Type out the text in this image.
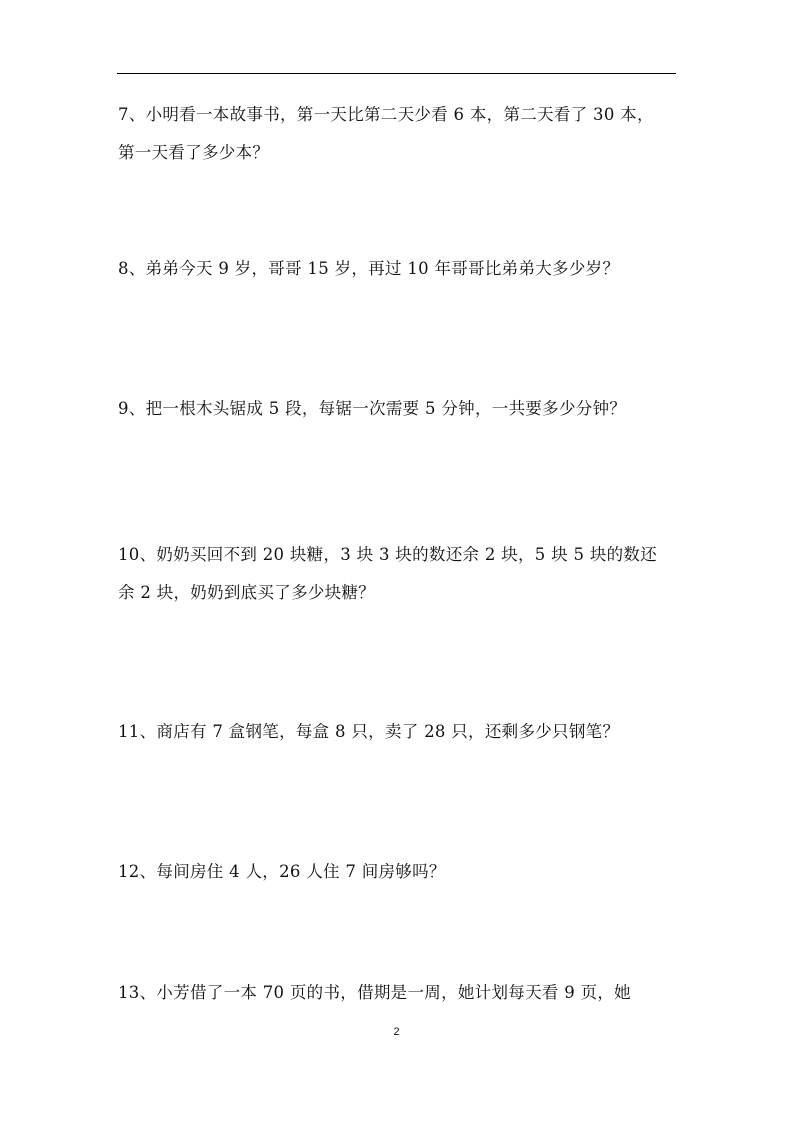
7、小明看一本故事书，第一天比第二天少看 6 本，第二天看了 30 本，
第一天看了多少本？
8、弟弟今天 9 岁，哥哥 15 岁，再过 10 年哥哥比弟弟大多少岁？
9、把一根木头锯成 5 段，每锯一次需要 5 分钟，一共要多少分钟？
10、奶奶买回不到 20 块糖，3 块 3 块的数还余 2 块，5 块 5 块的数还
余 2 块，奶奶到底买了多少块糖？
11、商店有 7 盒钢笔，每盒 8 只，卖了 28 只，还剩多少只钢笔？
12、每间房住 4 人，26 人住 7 间房够吗？
13、小芳借了一本 70 页的书，借期是一周，她计划每天看 9 页，她
2
